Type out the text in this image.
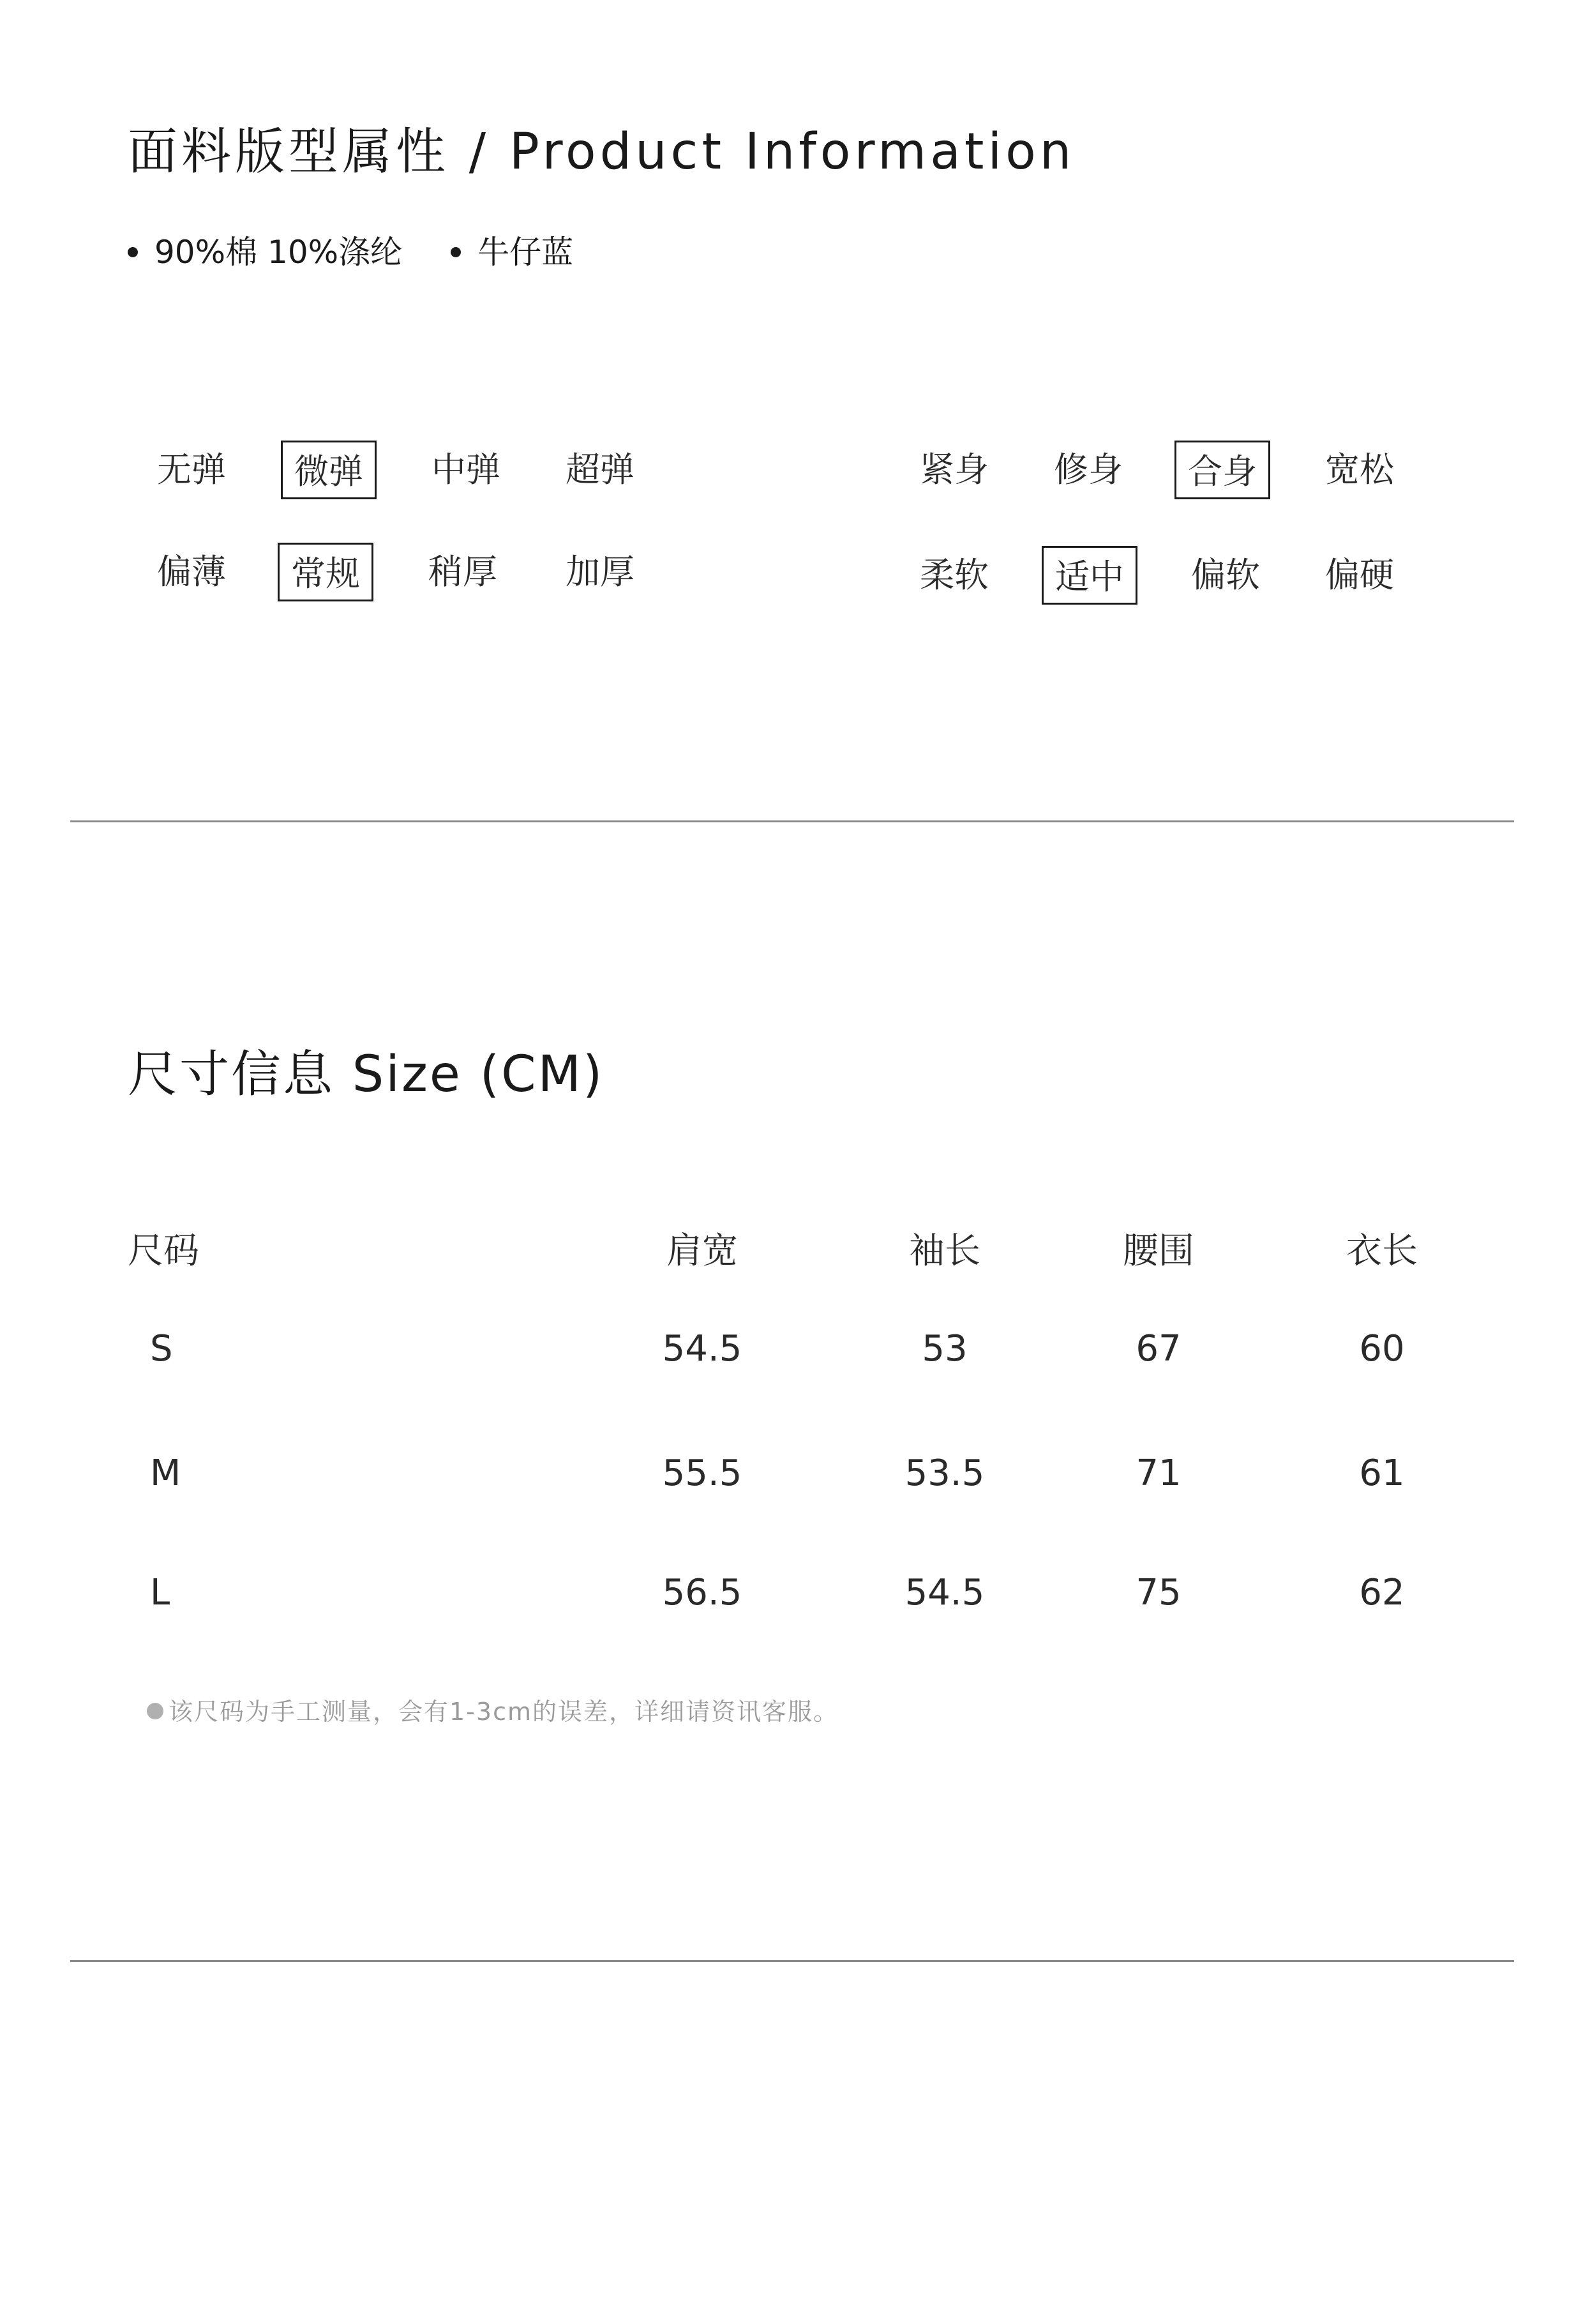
面料版型属性 / Product Information
90%棉 10%涤纶 牛仔蓝
无弹	微弹	中弹	超弹
偏薄	常规	稍厚	加厚
紧身	修身	合身	宽松
柔软	适中	偏软	偏硬
尺寸信息 Size (CM)
尺码	肩宽	袖长	腰围	衣长
S	54.5	53	67	60
M	55.5	53.5	71	61
L	56.5	54.5	75	62
该尺码为手工测量，会有1-3cm的误差，详细请资讯客服。
